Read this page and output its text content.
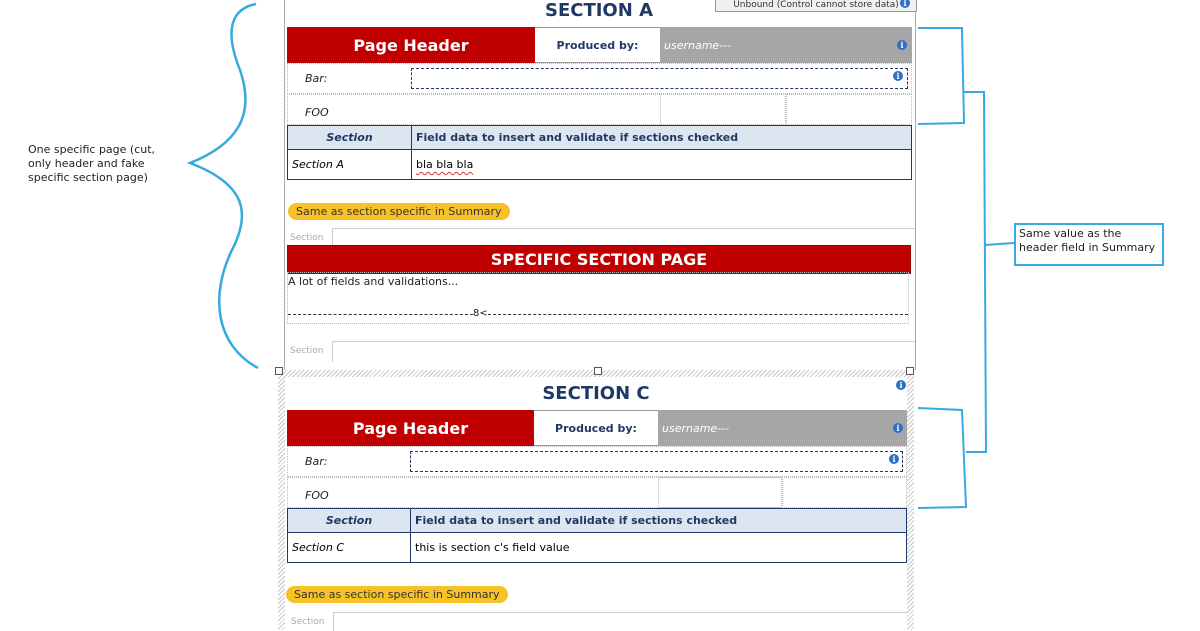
One specific page (cut, only header and fake specific section page)
Same value as the header field in Summary
Unbound (Control cannot store data) i
SECTION A
Page Header	Produced by:	username---	i
Bar:	i
FOO
Section	Field data to insert and validate if sections checked
Section A	bla bla bla
Same as section specific in Summary
Section
SPECIFIC SECTION PAGE
A lot of fields and validations...
8<
Section
SECTION C	i
Page Header	Produced by:	username---	i
Bar:	i
FOO
Section	Field data to insert and validate if sections checked
Section C	this is section c's field value
Same as section specific in Summary
Section
